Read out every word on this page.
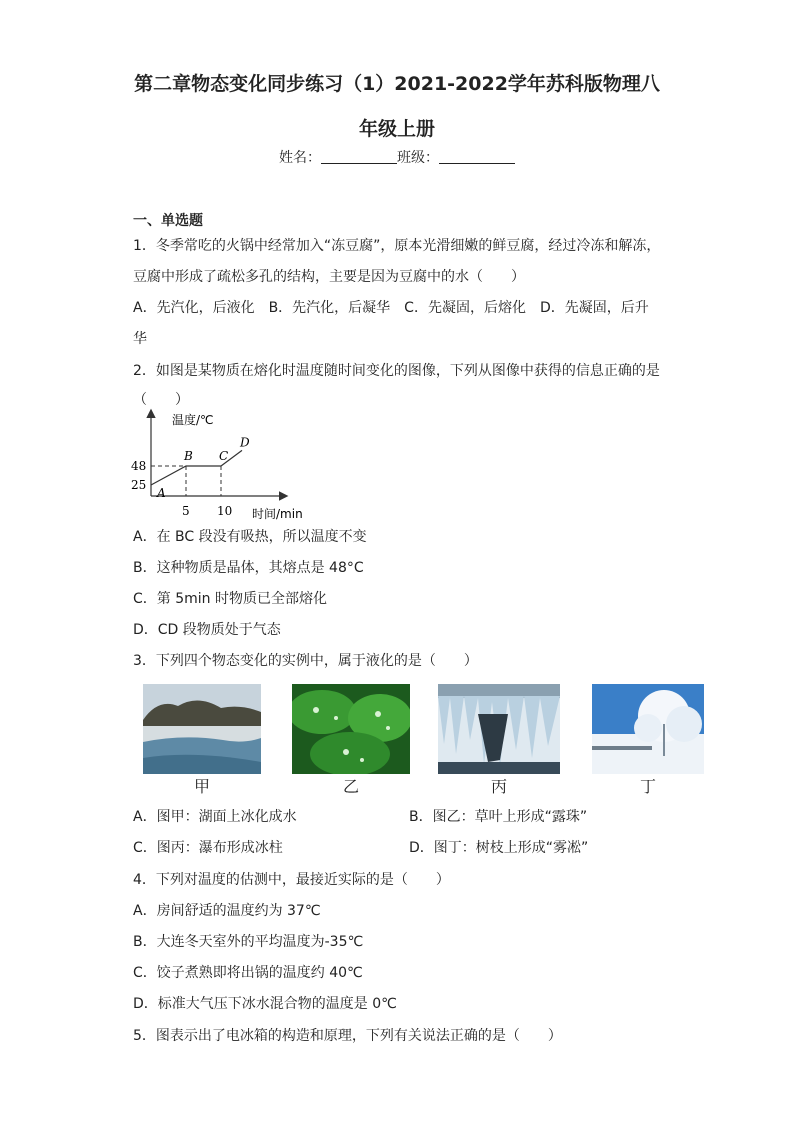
第二章物态变化同步练习（1）2021-2022学年苏科版物理八
年级上册
姓名：	班级：
一、单选题
1．冬季常吃的火锅中经常加入“冻豆腐”，原本光滑细嫩的鲜豆腐，经过冷冻和解冻，
豆腐中形成了疏松多孔的结构，主要是因为豆腐中的水（　　）
A．先汽化，后液化　B．先汽化，后凝华　C．先凝固，后熔化　D．先凝固，后升
华
2．如图是某物质在熔化时温度随时间变化的图像，下列从图像中获得的信息正确的是
（　　）
A
B C
D
5 10
48
25
温度/℃
时间/min
A．在 BC 段没有吸热，所以温度不变
B．这种物质是晶体，其熔点是 48°C
C．第 5min 时物质已全部熔化
D．CD 段物质处于气态
3．下列四个物态变化的实例中，属于液化的是（　　）
甲	乙	丙	丁
A．图甲：湖面上冰化成水	B．图乙：草叶上形成“露珠”
C．图丙：瀑布形成冰柱	D．图丁：树枝上形成“雾凇”
4．下列对温度的估测中，最接近实际的是（　　）
A．房间舒适的温度约为 37℃
B．大连冬天室外的平均温度为-35℃
C．饺子煮熟即将出锅的温度约 40℃
D．标准大气压下冰水混合物的温度是 0℃
5．图表示出了电冰箱的构造和原理，下列有关说法正确的是（　　）
